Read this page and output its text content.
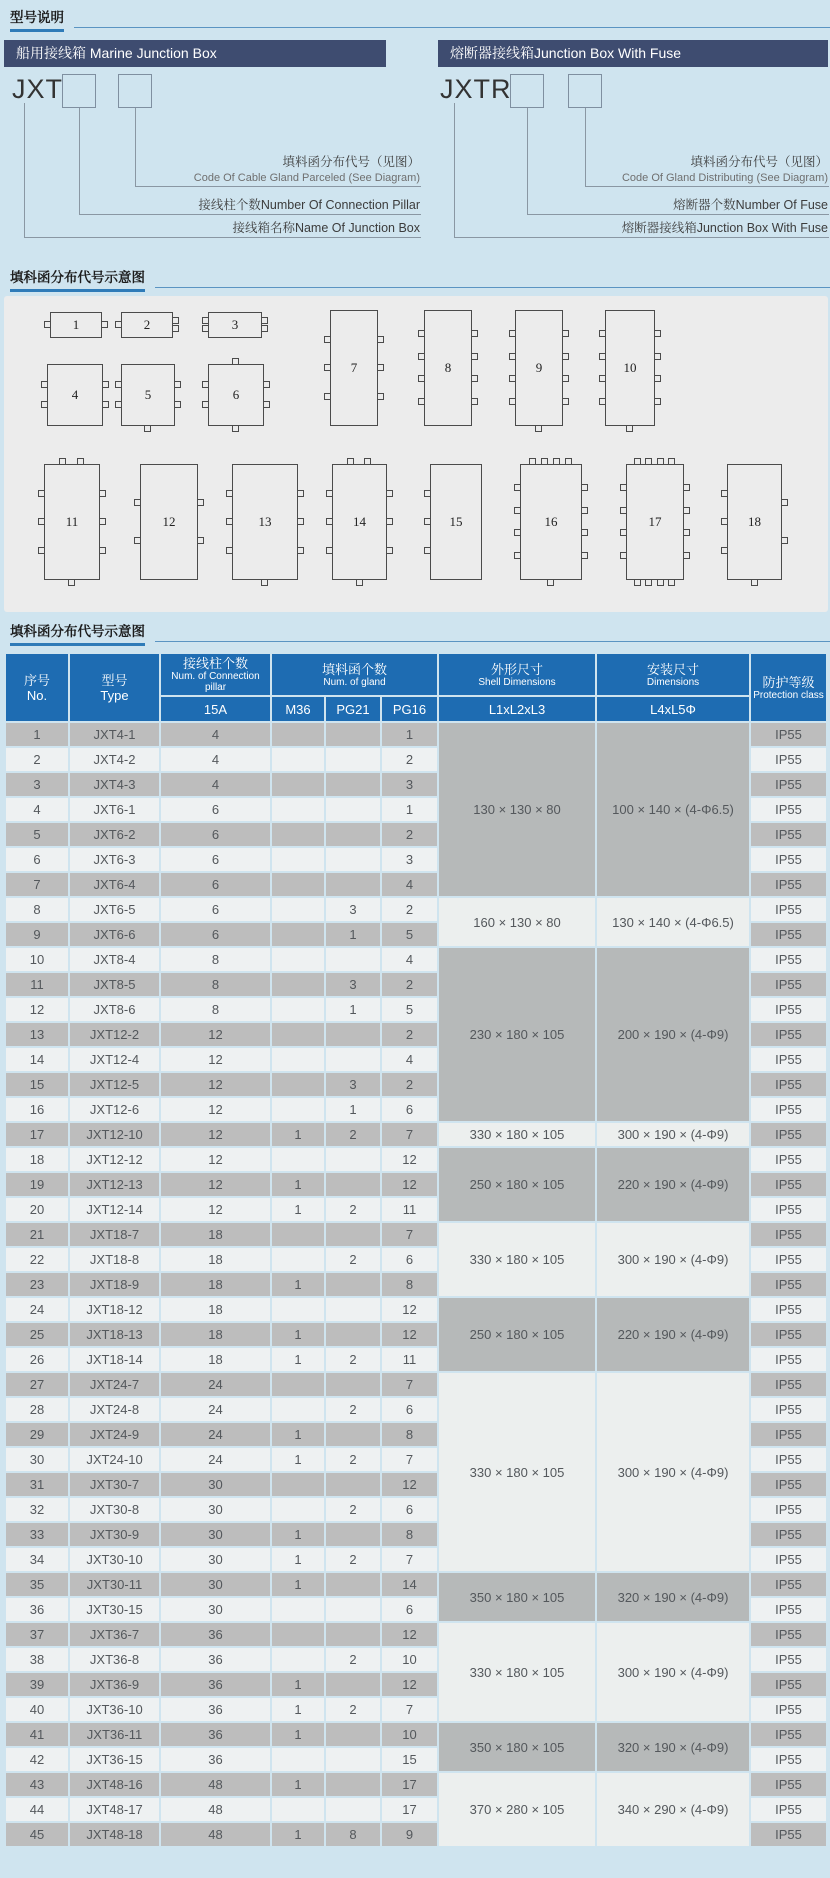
型号说明
船用接线箱 Marine Junction Box
JXT
填料函分布代号（见图）
Code Of Cable Gland Parceled (See Diagram)
接线柱个数Number Of Connection Pillar
接线箱名称Name Of Junction Box
熔断器接线箱Junction Box With Fuse
JXTR
填料函分布代号（见图）
Code Of Gland Distributing (See Diagram)
熔断器个数Number Of Fuse
熔断器接线箱Junction Box With Fuse
填科函分布代号示意图
1	2	3
4	5	6
7	8	9	10
11	12	13	14	15	16	17	18
填科函分布代号示意图
序号
No.

型号
Type

接线柱个数
Num. of Connection pillar

填料函个数
Num. of gland

外形尺寸
Shell Dimensions

安装尺寸
Dimensions	防护等级
Protection class

		15A	M36	PG21	PG16	L1xL2xL3	L4xL5Φ	
1	JXT4-1	4			1	130 × 130 × 80	100 × 140 × (4-Φ6.5)	IP55
2	JXT4-2	4			2			IP55
3	JXT4-3	4			3			IP55
4	JXT6-1	6			1			IP55
5	JXT6-2	6			2			IP55
6	JXT6-3	6			3			IP55
7	JXT6-4	6			4			IP55
8	JXT6-5	6		3	2	160 × 130 × 80	130 × 140 × (4-Φ6.5)	IP55
9	JXT6-6	6		1	5			IP55
10	JXT8-4	8			4	230 × 180 × 105	200 × 190 × (4-Φ9)	IP55
11	JXT8-5	8		3	2			IP55
12	JXT8-6	8		1	5			IP55
13	JXT12-2	12			2			IP55
14	JXT12-4	12			4			IP55
15	JXT12-5	12		3	2			IP55
16	JXT12-6	12		1	6			IP55
17	JXT12-10	12	1	2	7	330 × 180 × 105	300 × 190 × (4-Φ9)	IP55
18	JXT12-12	12			12	250 × 180 × 105	220 × 190 × (4-Φ9)	IP55
19	JXT12-13	12	1		12			IP55
20	JXT12-14	12	1	2	11			IP55
21	JXT18-7	18			7	330 × 180 × 105	300 × 190 × (4-Φ9)	IP55
22	JXT18-8	18		2	6			IP55
23	JXT18-9	18	1		8			IP55
24	JXT18-12	18			12	250 × 180 × 105	220 × 190 × (4-Φ9)	IP55
25	JXT18-13	18	1		12			IP55
26	JXT18-14	18	1	2	11			IP55
27	JXT24-7	24			7	330 × 180 × 105	300 × 190 × (4-Φ9)	IP55
28	JXT24-8	24		2	6			IP55
29	JXT24-9	24	1		8			IP55
30	JXT24-10	24	1	2	7			IP55
31	JXT30-7	30			12			IP55
32	JXT30-8	30		2	6			IP55
33	JXT30-9	30	1		8			IP55
34	JXT30-10	30	1	2	7			IP55
35	JXT30-11	30	1		14	350 × 180 × 105	320 × 190 × (4-Φ9)	IP55
36	JXT30-15	30			6			IP55
37	JXT36-7	36			12	330 × 180 × 105	300 × 190 × (4-Φ9)	IP55
38	JXT36-8	36		2	10			IP55
39	JXT36-9	36	1		12			IP55
40	JXT36-10	36	1	2	7			IP55
41	JXT36-11	36	1		10	350 × 180 × 105	320 × 190 × (4-Φ9)	IP55
42	JXT36-15	36			15			IP55
43	JXT48-16	48	1		17	370 × 280 × 105	340 × 290 × (4-Φ9)	IP55
44	JXT48-17	48			17			IP55
45	JXT48-18	48	1	8	9			IP55
